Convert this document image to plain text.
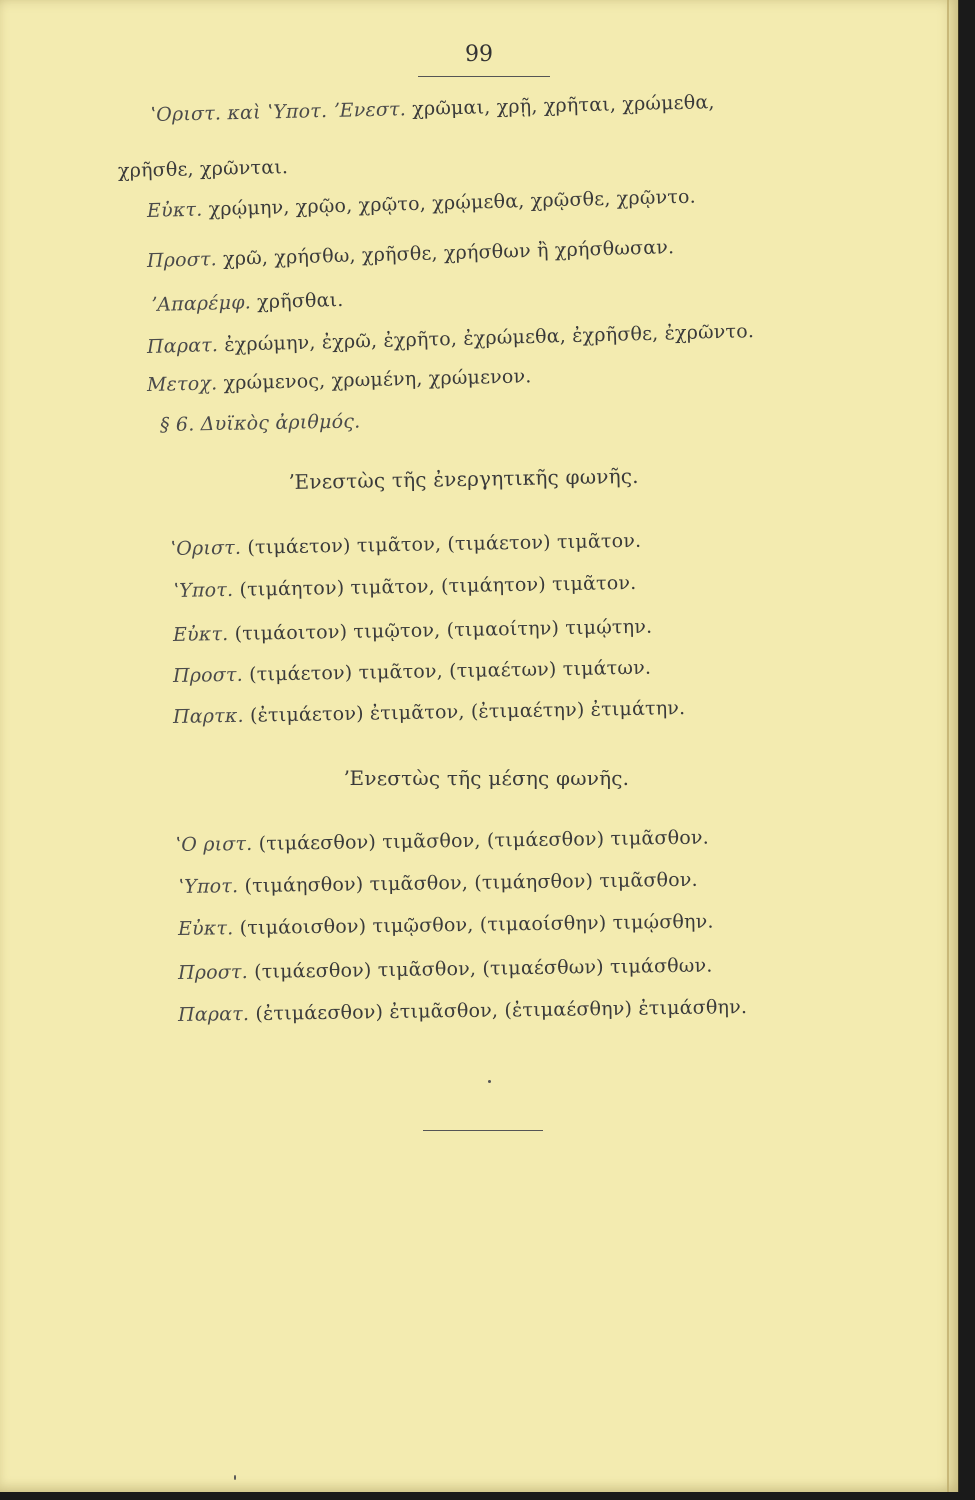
99
ʽΟριστ. καὶ ʽΥποτ. ʼΕνεστ. χρῶμαι, χρῇ, χρῆται, χρώμεθα,
χρῆσθε, χρῶνται.
Εὐκτ. χρῴμην, χρῷο, χρῷτο, χρῴμεθα, χρῷσθε, χρῷντο.
Προστ. χρῶ, χρήσθω, χρῆσθε, χρήσθων ἢ χρήσθωσαν.
ʼΑπαρέμφ. χρῆσθαι.
Παρατ. ἐχρώμην, ἐχρῶ, ἐχρῆτο, ἐχρώμεθα, ἐχρῆσθε, ἐχρῶντο.
Μετοχ. χρώμενος, χρωμένη, χρώμενον.
§ 6. Δυϊκὸς ἀριθμός.
ʼΕνεστὼς τῆς ἐνεργητικῆς φωνῆς.
ʽΟριστ. (τιμάετον) τιμᾶτον, (τιμάετον) τιμᾶτον.
ʽΥποτ. (τιμάητον) τιμᾶτον, (τιμάητον) τιμᾶτον.
Εὐκτ. (τιμάοιτον) τιμῷτον, (τιμαοίτην) τιμῴτην.
Προστ. (τιμάετον) τιμᾶτον, (τιμαέτων) τιμάτων.
Παρτκ. (ἐτιμάετον) ἐτιμᾶτον, (ἐτιμαέτην) ἐτιμάτην.
ʼΕνεστὼς τῆς μέσης φωνῆς.
ʽΟ ριστ. (τιμάεσθον) τιμᾶσθον, (τιμάεσθον) τιμᾶσθον.
ʽΥποτ. (τιμάησθον) τιμᾶσθον, (τιμάησθον) τιμᾶσθον.
Εὐκτ. (τιμάοισθον) τιμῷσθον, (τιμαοίσθην) τιμῴσθην.
Προστ. (τιμάεσθον) τιμᾶσθον, (τιμαέσθων) τιμάσθων.
Παρατ. (ἐτιμάεσθον) ἐτιμᾶσθον, (ἐτιμαέσθην) ἐτιμάσθην.
